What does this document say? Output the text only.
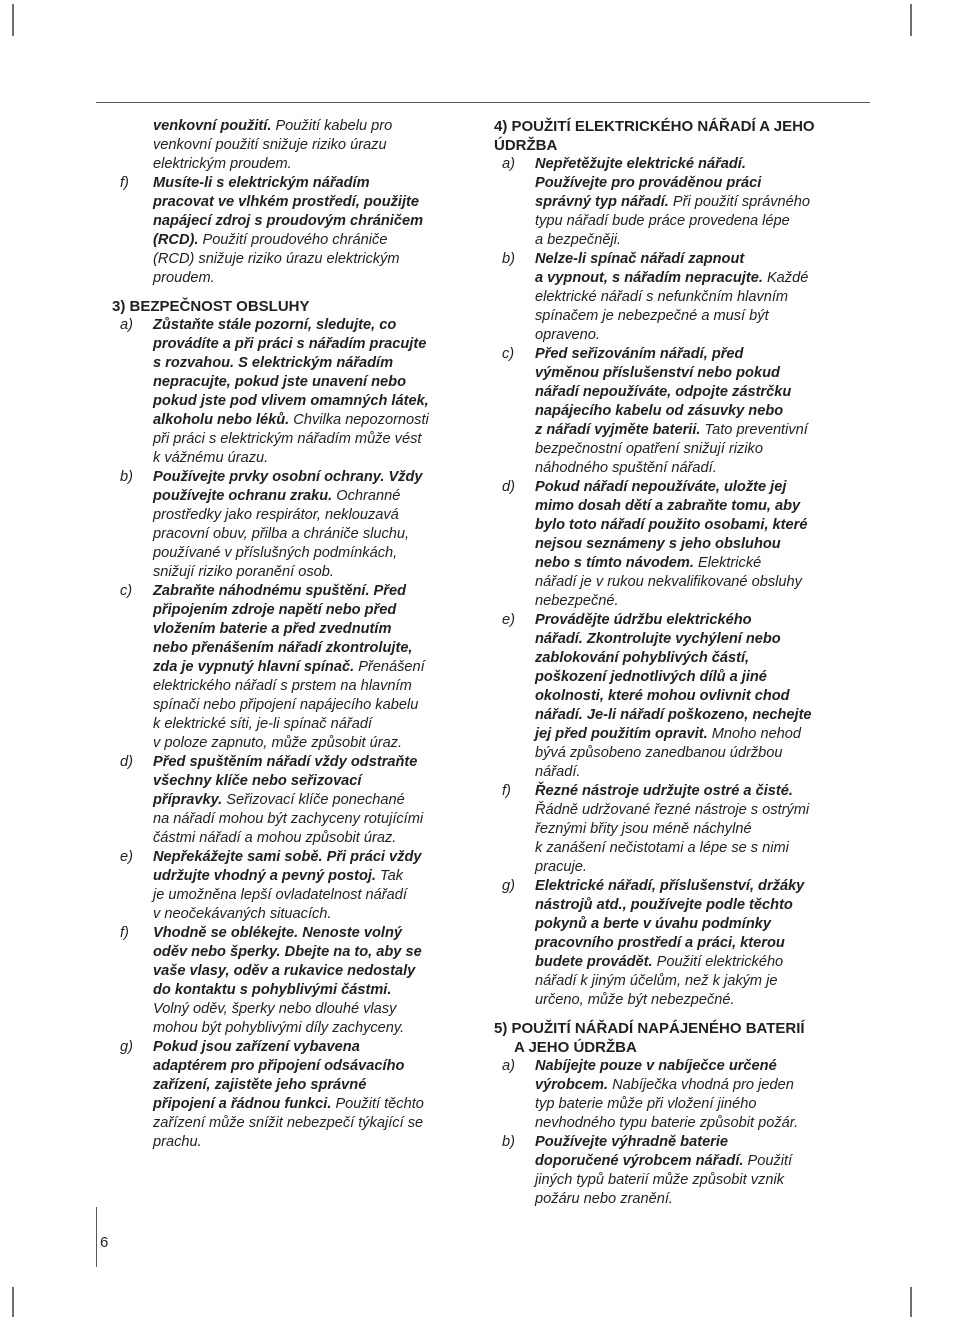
6
venkovní použití. Použití kabelu pro
venkovní použití snižuje riziko úrazu
elektrickým proudem.
f) Musíte-li s elektrickým nářadím
pracovat ve vlhkém prostředí, použijte
napájecí zdroj s proudovým chráničem
(RCD). Použití proudového chrániče
(RCD) snižuje riziko úrazu elektrickým
proudem.
3) BEZPEČNOST OBSLUHY
a) Zůstaňte stále pozorní, sledujte, co
provádíte a při práci s nářadím pracujte
s rozvahou. S elektrickým nářadím
nepracujte, pokud jste unavení nebo
pokud jste pod vlivem omamných látek,
alkoholu nebo léků. Chvilka nepozornosti
při práci s elektrickým nářadím může vést
k vážnému úrazu.
b) Používejte prvky osobní ochrany. Vždy
používejte ochranu zraku. Ochranné
prostředky jako respirátor, neklouzavá
pracovní obuv, přilba a chrániče sluchu,
používané v příslušných podmínkách,
snižují riziko poranění osob.
c) Zabraňte náhodnému spuštění. Před
připojením zdroje napětí nebo před
vložením baterie a před zvednutím
nebo přenášením nářadí zkontrolujte,
zda je vypnutý hlavní spínač. Přenášení
elektrického nářadí s prstem na hlavním
spínači nebo připojení napájecího kabelu
k elektrické síti, je-li spínač nářadí
v poloze zapnuto, může způsobit úraz.
d) Před spuštěním nářadí vždy odstraňte
všechny klíče nebo seřizovací
přípravky. Seřizovací klíče ponechané
na nářadí mohou být zachyceny rotujícími
částmi nářadí a mohou způsobit úraz.
e) Nepřekážejte sami sobě. Při práci vždy
udržujte vhodný a pevný postoj. Tak
je umožněna lepší ovladatelnost nářadí
v neočekávaných situacích.
f) Vhodně se oblékejte. Nenoste volný
oděv nebo šperky. Dbejte na to, aby se
vaše vlasy, oděv a rukavice nedostaly
do kontaktu s pohyblivými částmi.
Volný oděv, šperky nebo dlouhé vlasy
mohou být pohyblivými díly zachyceny.
g) Pokud jsou zařízení vybavena
adaptérem pro připojení odsávacího
zařízení, zajistěte jeho správné
připojení a řádnou funkci. Použití těchto
zařízení může snížit nebezpečí týkající se
prachu.
4) POUŽITÍ ELEKTRICKÉHO NÁŘADÍ A JEHO
ÚDRŽBA
a) Nepřetěžujte elektrické nářadí.
Používejte pro prováděnou práci
správný typ nářadí. Při použití správného
typu nářadí bude práce provedena lépe
a bezpečněji.
b) Nelze-li spínač nářadí zapnout
a vypnout, s nářadím nepracujte. Každé
elektrické nářadí s nefunkčním hlavním
spínačem je nebezpečné a musí být
opraveno.
c) Před seřizováním nářadí, před
výměnou příslušenství nebo pokud
nářadí nepoužíváte, odpojte zástrčku
napájecího kabelu od zásuvky nebo
z nářadí vyjměte baterii. Tato preventivní
bezpečnostní opatření snižují riziko
náhodného spuštění nářadí.
d) Pokud nářadí nepoužíváte, uložte jej
mimo dosah dětí a zabraňte tomu, aby
bylo toto nářadí použito osobami, které
nejsou seznámeny s jeho obsluhou
nebo s tímto návodem. Elektrické
nářadí je v rukou nekvalifikované obsluhy
nebezpečné.
e) Provádějte údržbu elektrického
nářadí. Zkontrolujte vychýlení nebo
zablokování pohyblivých částí,
poškození jednotlivých dílů a jiné
okolnosti, které mohou ovlivnit chod
nářadí. Je-li nářadí poškozeno, nechejte
jej před použitím opravit. Mnoho nehod
bývá způsobeno zanedbanou údržbou
nářadí.
f) Řezné nástroje udržujte ostré a čisté.
Řádně udržované řezné nástroje s ostrými
řeznými břity jsou méně náchylné
k zanášení nečistotami a lépe se s nimi
pracuje.
g) Elektrické nářadí, příslušenství, držáky
nástrojů atd., používejte podle těchto
pokynů a berte v úvahu podmínky
pracovního prostředí a práci, kterou
budete provádět. Použití elektrického
nářadí k jiným účelům, než k jakým je
určeno, může být nebezpečné.
5) POUŽITÍ NÁŘADÍ NAPÁJENÉHO BATERIÍ
A JEHO ÚDRŽBA
a) Nabíjejte pouze v nabíječce určené
výrobcem. Nabíječka vhodná pro jeden
typ baterie může při vložení jiného
nevhodného typu baterie způsobit požár.
b) Používejte výhradně baterie
doporučené výrobcem nářadí. Použití
jiných typů baterií může způsobit vznik
požáru nebo zranění.
